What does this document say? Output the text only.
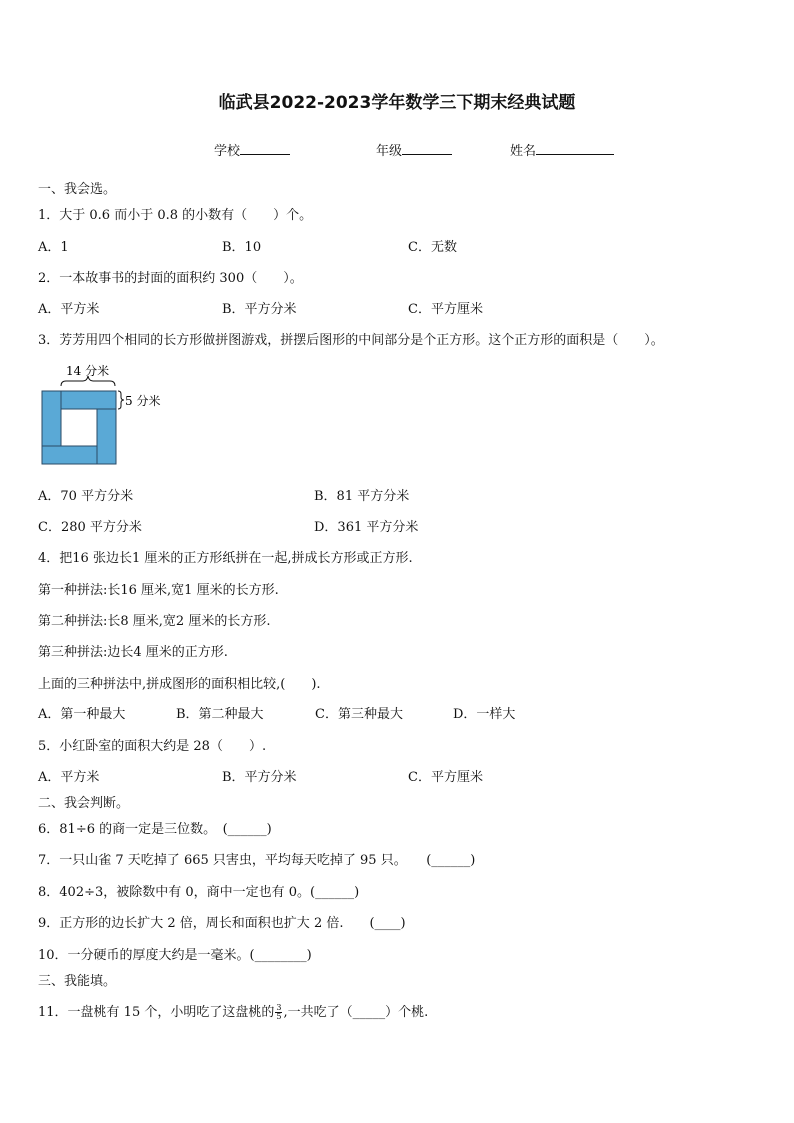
临武县2022-2023学年数学三下期末经典试题
学校	年级	姓名
一、我会选。
1．大于 0.6 而小于 0.8 的小数有（　　）个。
A．1	B．10	C．无数
2．一本故事书的封面的面积约 300（　　）。
A．平方米	B．平方分米	C．平方厘米
3．芳芳用四个相同的长方形做拼图游戏，拼摆后图形的中间部分是个正方形。这个正方形的面积是（　　）。
14 分米
5 分米
A．70 平方分米	B．81 平方分米
C．280 平方分米	D．361 平方分米
4．把16 张边长1 厘米的正方形纸拼在一起,拼成长方形或正方形.
第一种拼法:长16 厘米,宽1 厘米的长方形.
第二种拼法:长8 厘米,宽2 厘米的长方形.
第三种拼法:边长4 厘米的正方形.
上面的三种拼法中,拼成图形的面积相比较,(　　).
A．第一种最大	B．第二种最大	C．第三种最大	D．一样大
5．小红卧室的面积大约是 28（　　）.
A．平方米	B．平方分米	C．平方厘米
二、我会判断。
6．81÷6 的商一定是三位数。　(______)
7．一只山雀 7 天吃掉了 665 只害虫，平均每天吃掉了 95 只。　　(______)
8．402÷3，被除数中有 0，商中一定也有 0。(______)
9．正方形的边长扩大 2 倍，周长和面积也扩大 2 倍.　　(____)
10．一分硬币的厚度大约是一毫米。(________)
三、我能填。
11．一盘桃有 15 个，小明吃了这盘桃的 $\frac{3}{5}$ ,一共吃了（_____）个桃.
